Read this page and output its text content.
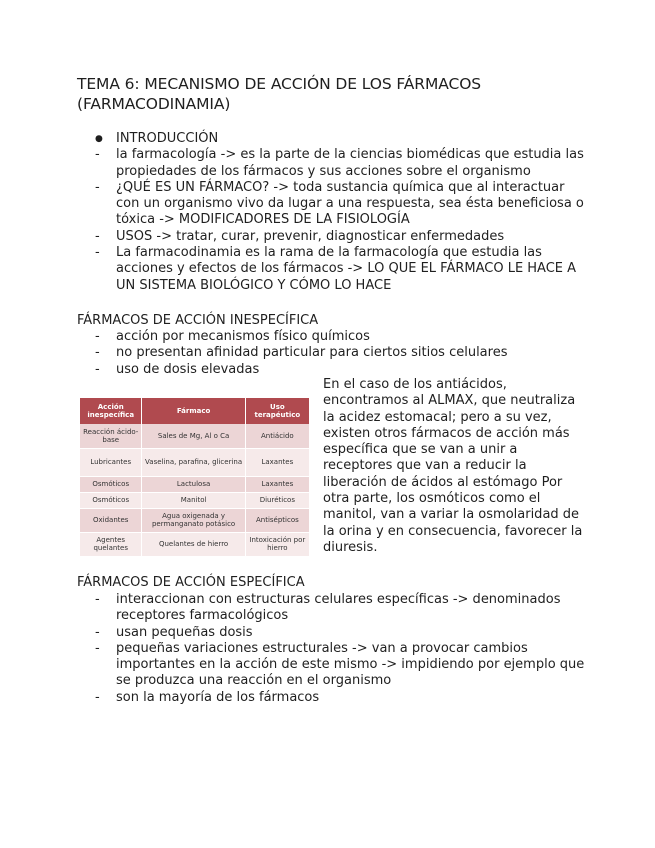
TEMA 6: MECANISMO DE ACCIÓN DE LOS FÁRMACOS
(FARMACODINAMIA)
●	INTRODUCCIÓN
-	la farmacología -> es la parte de la ciencias biomédicas que estudia las propiedades de los fármacos y sus acciones sobre el organismo
-	¿QUÉ ES UN FÁRMACO? -> toda sustancia química que al interactuar con un organismo vivo da lugar a una respuesta, sea ésta beneficiosa o tóxica -> MODIFICADORES DE LA FISIOLOGÍA
-	USOS -> tratar, curar, prevenir, diagnosticar enfermedades
-	La farmacodinamia es la rama de la farmacología que estudia las acciones y efectos de los fármacos -> LO QUE EL FÁRMACO LE HACE A UN SISTEMA BIOLÓGICO Y CÓMO LO HACE
FÁRMACOS DE ACCIÓN INESPECÍFICA
-	acción por mecanismos físico químicos
-	no presentan afinidad particular para ciertos sitios celulares
-	uso de dosis elevadas
Acción inespecífica	Fármaco	Uso terapéutico
Reacción ácido-base	Sales de Mg, Al o Ca	Antiácido
Lubricantes	Vaselina, parafina, glicerina	Laxantes
Osmóticos	Lactulosa	Laxantes
Osmóticos	Manitol	Diuréticos
Oxidantes	Agua oxigenada y permanganato potásico	Antisépticos
Agentes quelantes	Quelantes de hierro	Intoxicación por hierro
En el caso de los antiácidos, encontramos al ALMAX, que neutraliza la acidez estomacal; pero a su vez, existen otros fármacos de acción más específica que se van a unir a receptores que van a reducir la liberación de ácidos al estómago Por otra parte, los osmóticos como el manitol, van a variar la osmolaridad de la orina y en consecuencia, favorecer la diuresis.
FÁRMACOS DE ACCIÓN ESPECÍFICA
-	interaccionan con estructuras celulares específicas -> denominados receptores farmacológicos
-	usan pequeñas dosis
-	pequeñas variaciones estructurales -> van a provocar cambios importantes en la acción de este mismo -> impidiendo por ejemplo que se produzca una reacción en el organismo
-	son la mayoría de los fármacos
